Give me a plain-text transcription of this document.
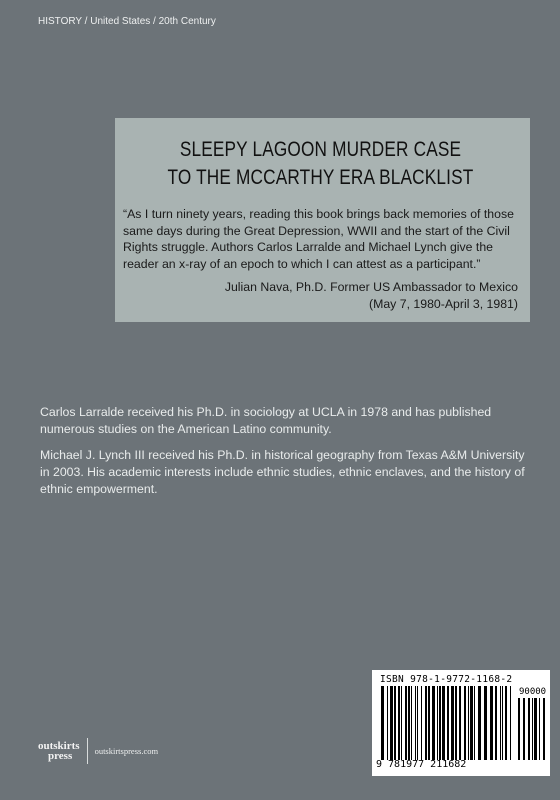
HISTORY / United States / 20th Century
SLEEPY LAGOON MURDER CASE
TO THE MCCARTHY ERA BLACKLIST
“As I turn ninety years, reading this book brings back memories of those same days during the Great Depression, WWII and the start of the Civil Rights struggle. Authors Carlos Larralde and Michael Lynch give the reader an x-ray of an epoch to which I can attest as a participant.”
Julian Nava, Ph.D. Former US Ambassador to Mexico
(May 7, 1980-April 3, 1981)

Carlos Larralde received his Ph.D. in sociology at UCLA in 1978 and has published numerous studies on the American Latino community.

Michael J. Lynch III received his Ph.D. in historical geography from Texas A&M University in 2003. His academic interests include ethnic studies, ethnic enclaves, and the history of ethnic empowerment.

outskirts
press	outskirtspress.com
ISBN 978-1-9772-1168-2
90000
9 781977 211682
